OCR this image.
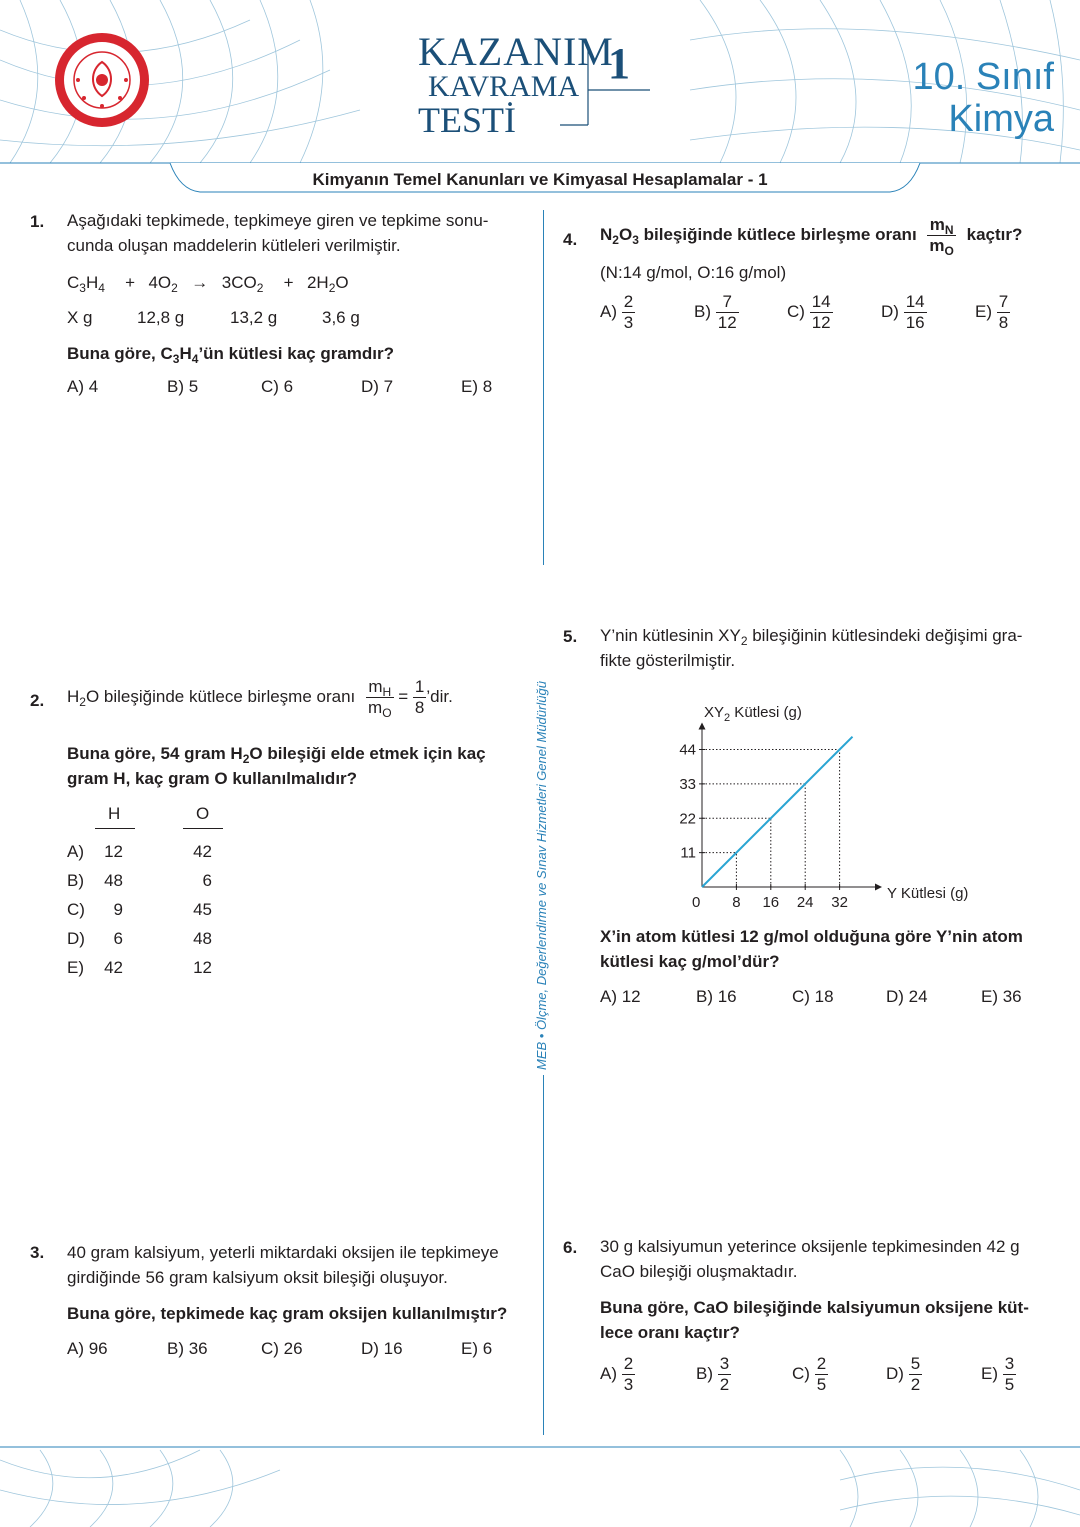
KAZANIM
KAVRAMA
TESTİ
1	10. Sınıf
Kimya
Kimyanın Temel Kanunları ve Kimyasal Hesaplamalar - 1
MEB • Ölçme, Değerlendirme ve Sınav Hizmetleri Genel Müdürlüğü
1. Aşağıdaki tepkimede, tepkimeye giren ve tepkime sonu-
cunda oluşan maddelerin kütleleri verilmiştir.
$C_3H_4 + 4O_2 \to 3CO_2 + 2H_2O$
X g	12,8 g	13,2 g	3,6 g
Buna göre, $C_3H_4’ün$ kütlesi kaç gramdır?
A) 4	B) 5	C) 6	D) 7	E) 8
2. $H_2O$ bileşiğinde kütlece birleşme oranı $\frac{m_H}{m_O} = \frac{1}{8}$ ’dir.
Buna göre, 54 gram $H_2O$ bileşiği elde etmek için kaç
gram H, kaç gram O kullanılmalıdır?
H	O
A) 12	42
B) 48	6
C)	9	45
D)	6	48
E) 42	12
3. 40 gram kalsiyum, yeterli miktardaki oksijen ile tepkimeye
girdiğinde 56 gram kalsiyum oksit bileşiği oluşuyor.
Buna göre, tepkimede kaç gram oksijen kullanılmıştır?
A) 96	B) 36	C) 26	D) 16	E) 6
4. $N_2O_3$ bileşiğinde kütlece birleşme oranı $\frac{m_N}{m_O}$ kaçtır?
(N:14 g/mol, O:16 g/mol)
$A) \frac{2}{3}$	$B) \frac{7}{12}$	$C) \frac{14}{12}$	$D) \frac{14}{16}$	$E) \frac{7}{8}$
5. Y’nin kütlesinin $XY_2$ bileşiğinin kütlesindeki değişimi gra-
fikte gösterilmiştir.
$XY_2$ Kütlesi (g)
Y Kütlesi (g)
0 8
11
16
22
24
33
32
44
X’in atom kütlesi 12 g/mol olduğuna göre Y’nin atom
kütlesi kaç g/mol’dür?
A) 12	B) 16	C) 18	D) 24	E) 36
6. 30 g kalsiyumun yeterince oksijenle tepkimesinden 42 g
CaO bileşiği oluşmaktadır.
Buna göre, CaO bileşiğinde kalsiyumun oksijene küt-
lece oranı kaçtır?
$A) \frac{2}{3}$	$B) \frac{3}{2}$	$C) \frac{2}{5}$	$D) \frac{5}{2}$	$E) \frac{3}{5}$
